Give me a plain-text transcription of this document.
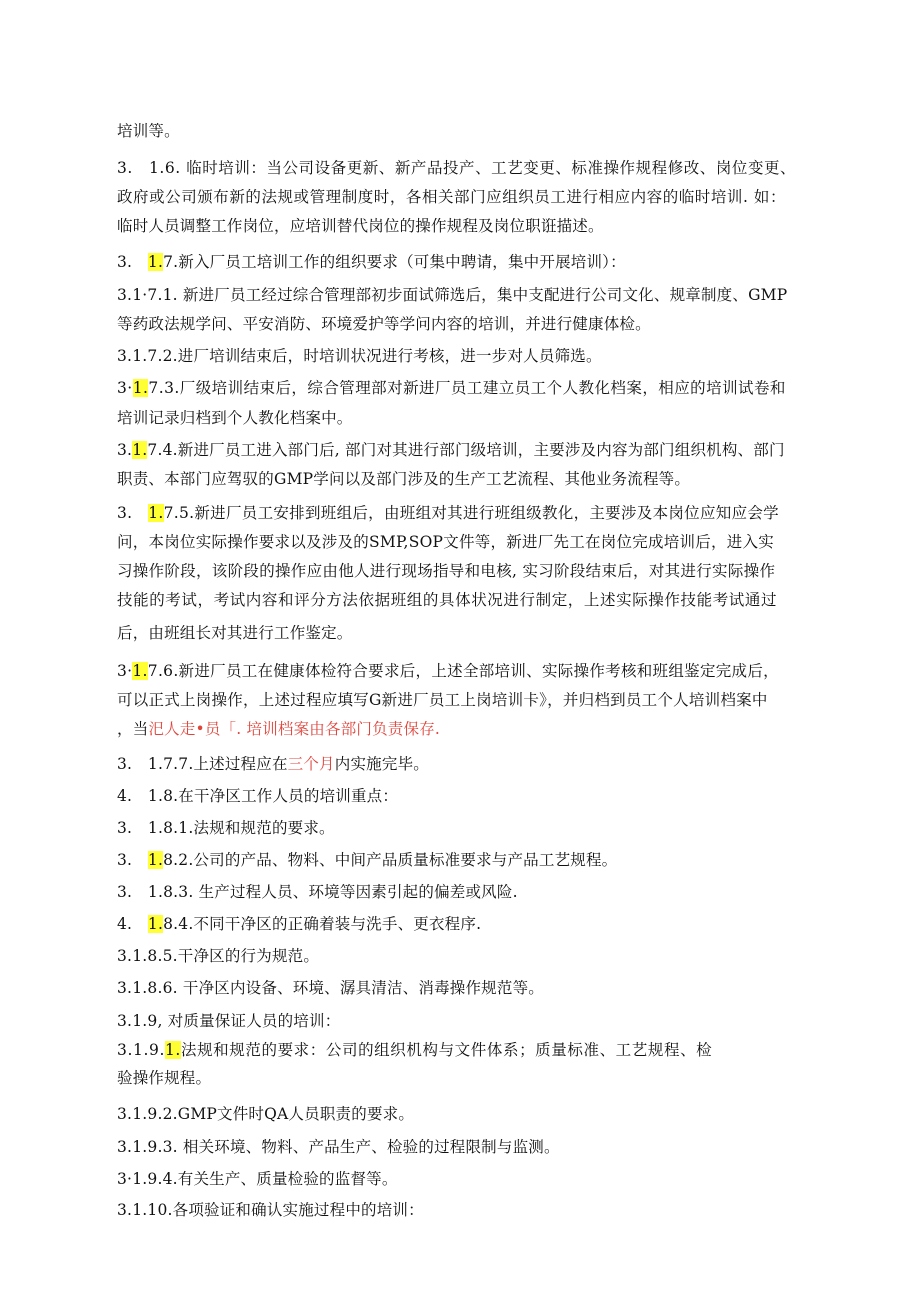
培训等。
3.　1.6. 临时培训：当公司设备更新、新产品投产、工艺变更、标准操作规程修改、岗位变更、
政府或公司颁布新的法规或管理制度时，各相关部门应组织员工进行相应内容的临时培训. 如：
临时人员调整工作岗位，应培训替代岗位的操作规程及岗位职诳描述。
3.　1.7.新入厂员工培训工作的组织要求（可集中聘请，集中开展培训）：
3.1·7.1. 新进厂员工经过综合管理部初步面试筛选后，集中支配进行公司文化、规章制度、GMP
等药政法规学问、平安消防、环境爱护等学问内容的培训，并进行健康体检。
3.1.7.2.进厂培训结束后，时培训状况进行考核，进一步对人员筛选。
3·1.7.3.厂级培训结束后，综合管理部对新进厂员工建立员工个人教化档案，相应的培训试卷和
培训记录归档到个人教化档案中。
3.1.7.4.新进厂员工进入部门后, 部门对其进行部门级培训，主要涉及内容为部门组织机构、部门
职责、本部门应驾驭的GMP学问以及部门涉及的生产工艺流程、其他业务流程等。
3.　1.7.5.新进厂员工安排到班组后，由班组对其进行班组级教化，主要涉及本岗位应知应会学
问，本岗位实际操作要求以及涉及的SMP,SOP文件等，新进厂先工在岗位完成培训后，进入实
习操作阶段，该阶段的操作应由他人进行现场指导和电核, 实习阶段结束后，对其进行实际操作
技能的考试，考试内容和评分方法依据班组的具体状况进行制定，上述实际操作技能考试通过
后，由班组长对其进行工作鉴定。
3·1.7.6.新进厂员工在健康体检符合要求后，上述全部培训、实际操作考核和班组鉴定完成后，
可以正式上岗操作，上述过程应填写G新进厂员工上岗培训卡》，并归档到员工个人培训档案中
，当汜人走•员「. 培训档案由各部门负责保存.
3.　1.7.7.上述过程应在三个月内实施完毕。
4.　1.8.在干净区工作人员的培训重点：
3.　1.8.1.法规和规范的要求。
3.　1.8.2.公司的产品、物料、中间产品质量标准要求与产品工艺规程。
3.　1.8.3. 生产过程人员、环境等因素引起的偏差或风险.
4.　1.8.4.不同干净区的正确着装与洗手、更衣程序.
3.1.8.5.干净区的行为规范。
3.1.8.6. 干净区内设备、环境、潺具清洁、消毒操作规范等。
3.1.9, 对质量保证人员的培训：
3.1.9.1.法规和规范的要求：公司的组织机构与文件体系；质量标准、工艺规程、检
验操作规程。
3.1.9.2.GMP文件时QA人员职责的要求。
3.1.9.3. 相关环境、物料、产品生产、检验的过程限制与监测。
3·1.9.4.有关生产、质量检验的监督等。
3.1.10.各项验证和确认实施过程中的培训：
